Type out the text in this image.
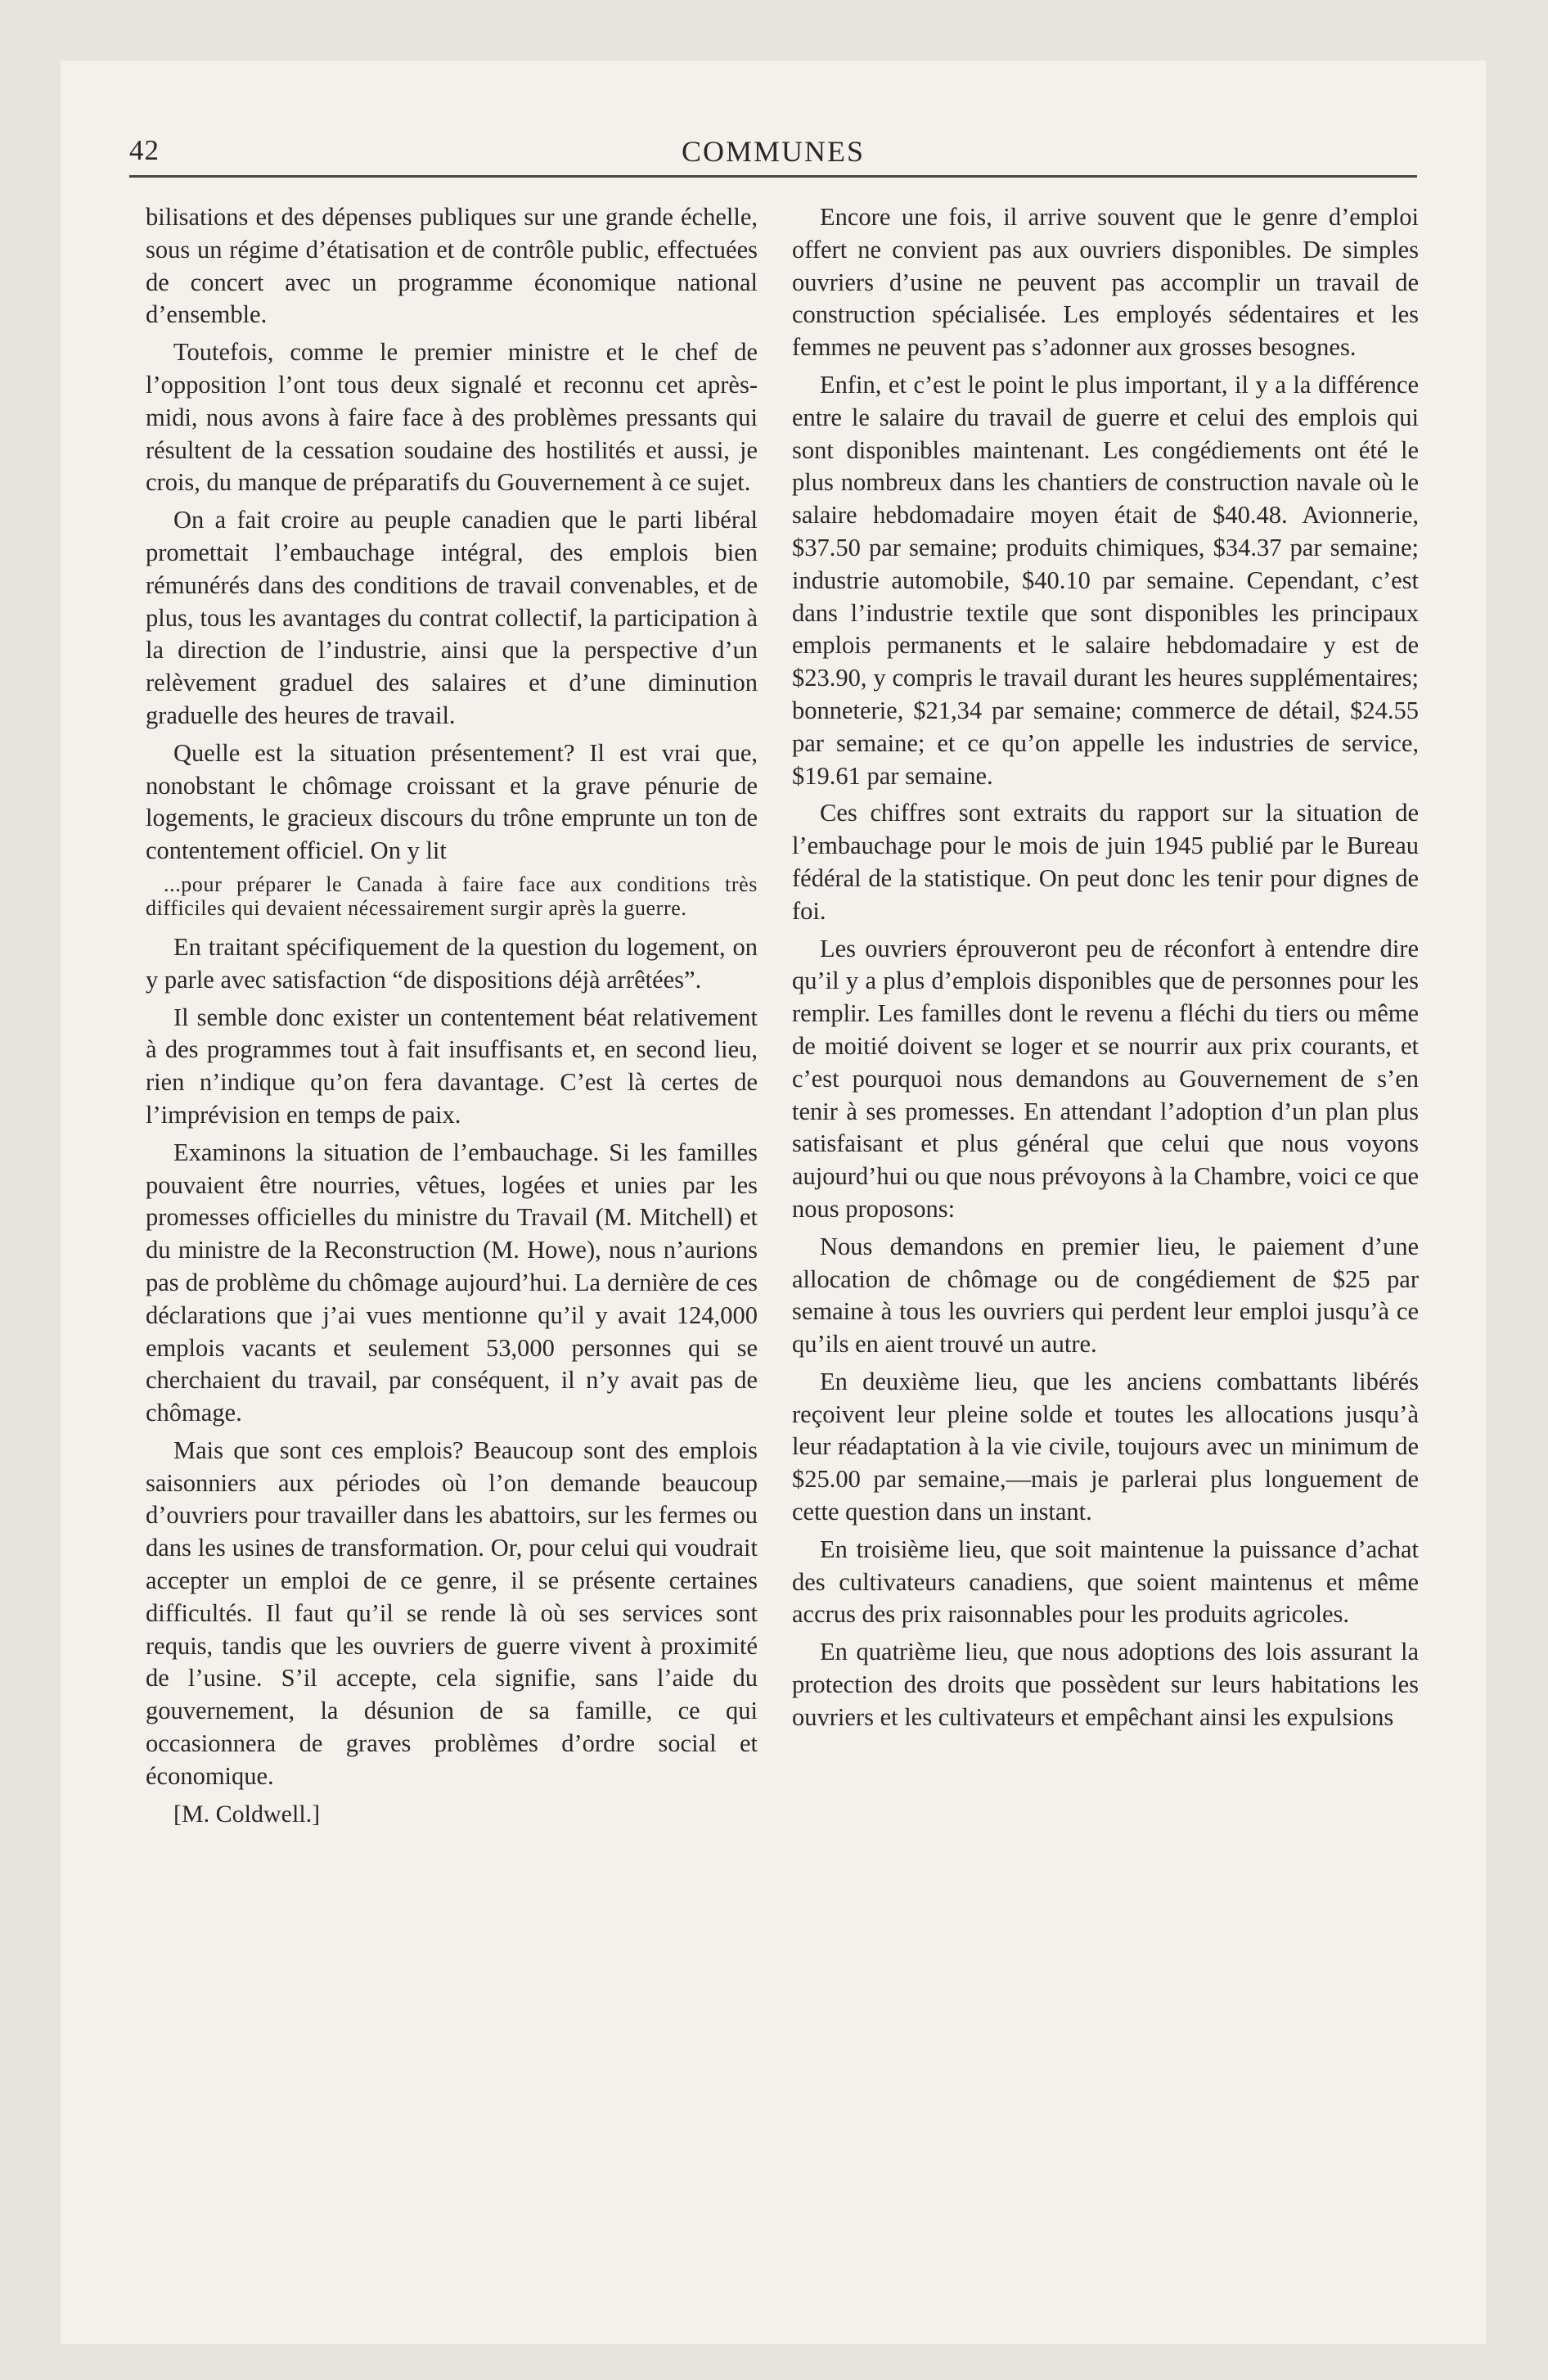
42	COMMUNES

bilisations et des dépenses publiques sur une grande échelle, sous un régime d’étatisation et de contrôle public, effectuées de concert avec un programme économique national d’ensemble.

Toutefois, comme le premier ministre et le chef de l’opposition l’ont tous deux signalé et reconnu cet après-midi, nous avons à faire face à des problèmes pressants qui résultent de la cessation soudaine des hostilités et aussi, je crois, du manque de préparatifs du Gouvernement à ce sujet.

On a fait croire au peuple canadien que le parti libéral promettait l’embauchage intégral, des emplois bien rémunérés dans des conditions de travail convenables, et de plus, tous les avantages du contrat collectif, la participation à la direction de l’industrie, ainsi que la perspective d’un relèvement graduel des salaires et d’une diminution graduelle des heures de travail.

Quelle est la situation présentement? Il est vrai que, nonobstant le chômage croissant et la grave pénurie de logements, le gracieux discours du trône emprunte un ton de contentement officiel. On y lit

...pour préparer le Canada à faire face aux conditions très difficiles qui devaient nécessairement surgir après la guerre.

En traitant spécifiquement de la question du logement, on y parle avec satisfaction “de dispositions déjà arrêtées”.

Il semble donc exister un contentement béat relativement à des programmes tout à fait insuffisants et, en second lieu, rien n’indique qu’on fera davantage. C’est là certes de l’imprévision en temps de paix.

Examinons la situation de l’embauchage. Si les familles pouvaient être nourries, vêtues, logées et unies par les promesses officielles du ministre du Travail (M. Mitchell) et du ministre de la Reconstruction (M. Howe), nous n’aurions pas de problème du chômage aujourd’hui. La dernière de ces déclarations que j’ai vues mentionne qu’il y avait 124,000 emplois vacants et seulement 53,000 personnes qui se cherchaient du travail, par conséquent, il n’y avait pas de chômage.

Mais que sont ces emplois? Beaucoup sont des emplois saisonniers aux périodes où l’on demande beaucoup d’ouvriers pour travailler dans les abattoirs, sur les fermes ou dans les usines de transformation. Or, pour celui qui voudrait accepter un emploi de ce genre, il se présente certaines difficultés. Il faut qu’il se rende là où ses services sont requis, tandis que les ouvriers de guerre vivent à proximité de l’usine. S’il accepte, cela signifie, sans l’aide du gouvernement, la désunion de sa famille, ce qui occasionnera de graves problèmes d’ordre social et économique.

[M. Coldwell.]

Encore une fois, il arrive souvent que le genre d’emploi offert ne convient pas aux ouvriers disponibles. De simples ouvriers d’usine ne peuvent pas accomplir un travail de construction spécialisée. Les employés sédentaires et les femmes ne peuvent pas s’adonner aux grosses besognes.

Enfin, et c’est le point le plus important, il y a la différence entre le salaire du travail de guerre et celui des emplois qui sont disponibles maintenant. Les congédiements ont été le plus nombreux dans les chantiers de construction navale où le salaire hebdomadaire moyen était de $40.48. Avionnerie, $37.50 par semaine; produits chimiques, $34.37 par semaine; industrie automobile, $40.10 par semaine. Cependant, c’est dans l’industrie textile que sont disponibles les principaux emplois permanents et le salaire hebdomadaire y est de $23.90, y compris le travail durant les heures supplémentaires; bonneterie, $21,34 par semaine; commerce de détail, $24.55 par semaine; et ce qu’on appelle les industries de service, $19.61 par semaine.

Ces chiffres sont extraits du rapport sur la situation de l’embauchage pour le mois de juin 1945 publié par le Bureau fédéral de la statistique. On peut donc les tenir pour dignes de foi.

Les ouvriers éprouveront peu de réconfort à entendre dire qu’il y a plus d’emplois disponibles que de personnes pour les remplir. Les familles dont le revenu a fléchi du tiers ou même de moitié doivent se loger et se nourrir aux prix courants, et c’est pourquoi nous demandons au Gouvernement de s’en tenir à ses promesses. En attendant l’adoption d’un plan plus satisfaisant et plus général que celui que nous voyons aujourd’hui ou que nous prévoyons à la Chambre, voici ce que nous proposons:

Nous demandons en premier lieu, le paiement d’une allocation de chômage ou de congédiement de $25 par semaine à tous les ouvriers qui perdent leur emploi jusqu’à ce qu’ils en aient trouvé un autre.

En deuxième lieu, que les anciens combattants libérés reçoivent leur pleine solde et toutes les allocations jusqu’à leur réadaptation à la vie civile, toujours avec un minimum de $25.00 par semaine,—mais je parlerai plus longuement de cette question dans un instant.

En troisième lieu, que soit maintenue la puissance d’achat des cultivateurs canadiens, que soient maintenus et même accrus des prix raisonnables pour les produits agricoles.

En quatrième lieu, que nous adoptions des lois assurant la protection des droits que possèdent sur leurs habitations les ouvriers et les cultivateurs et empêchant ainsi les expulsions
